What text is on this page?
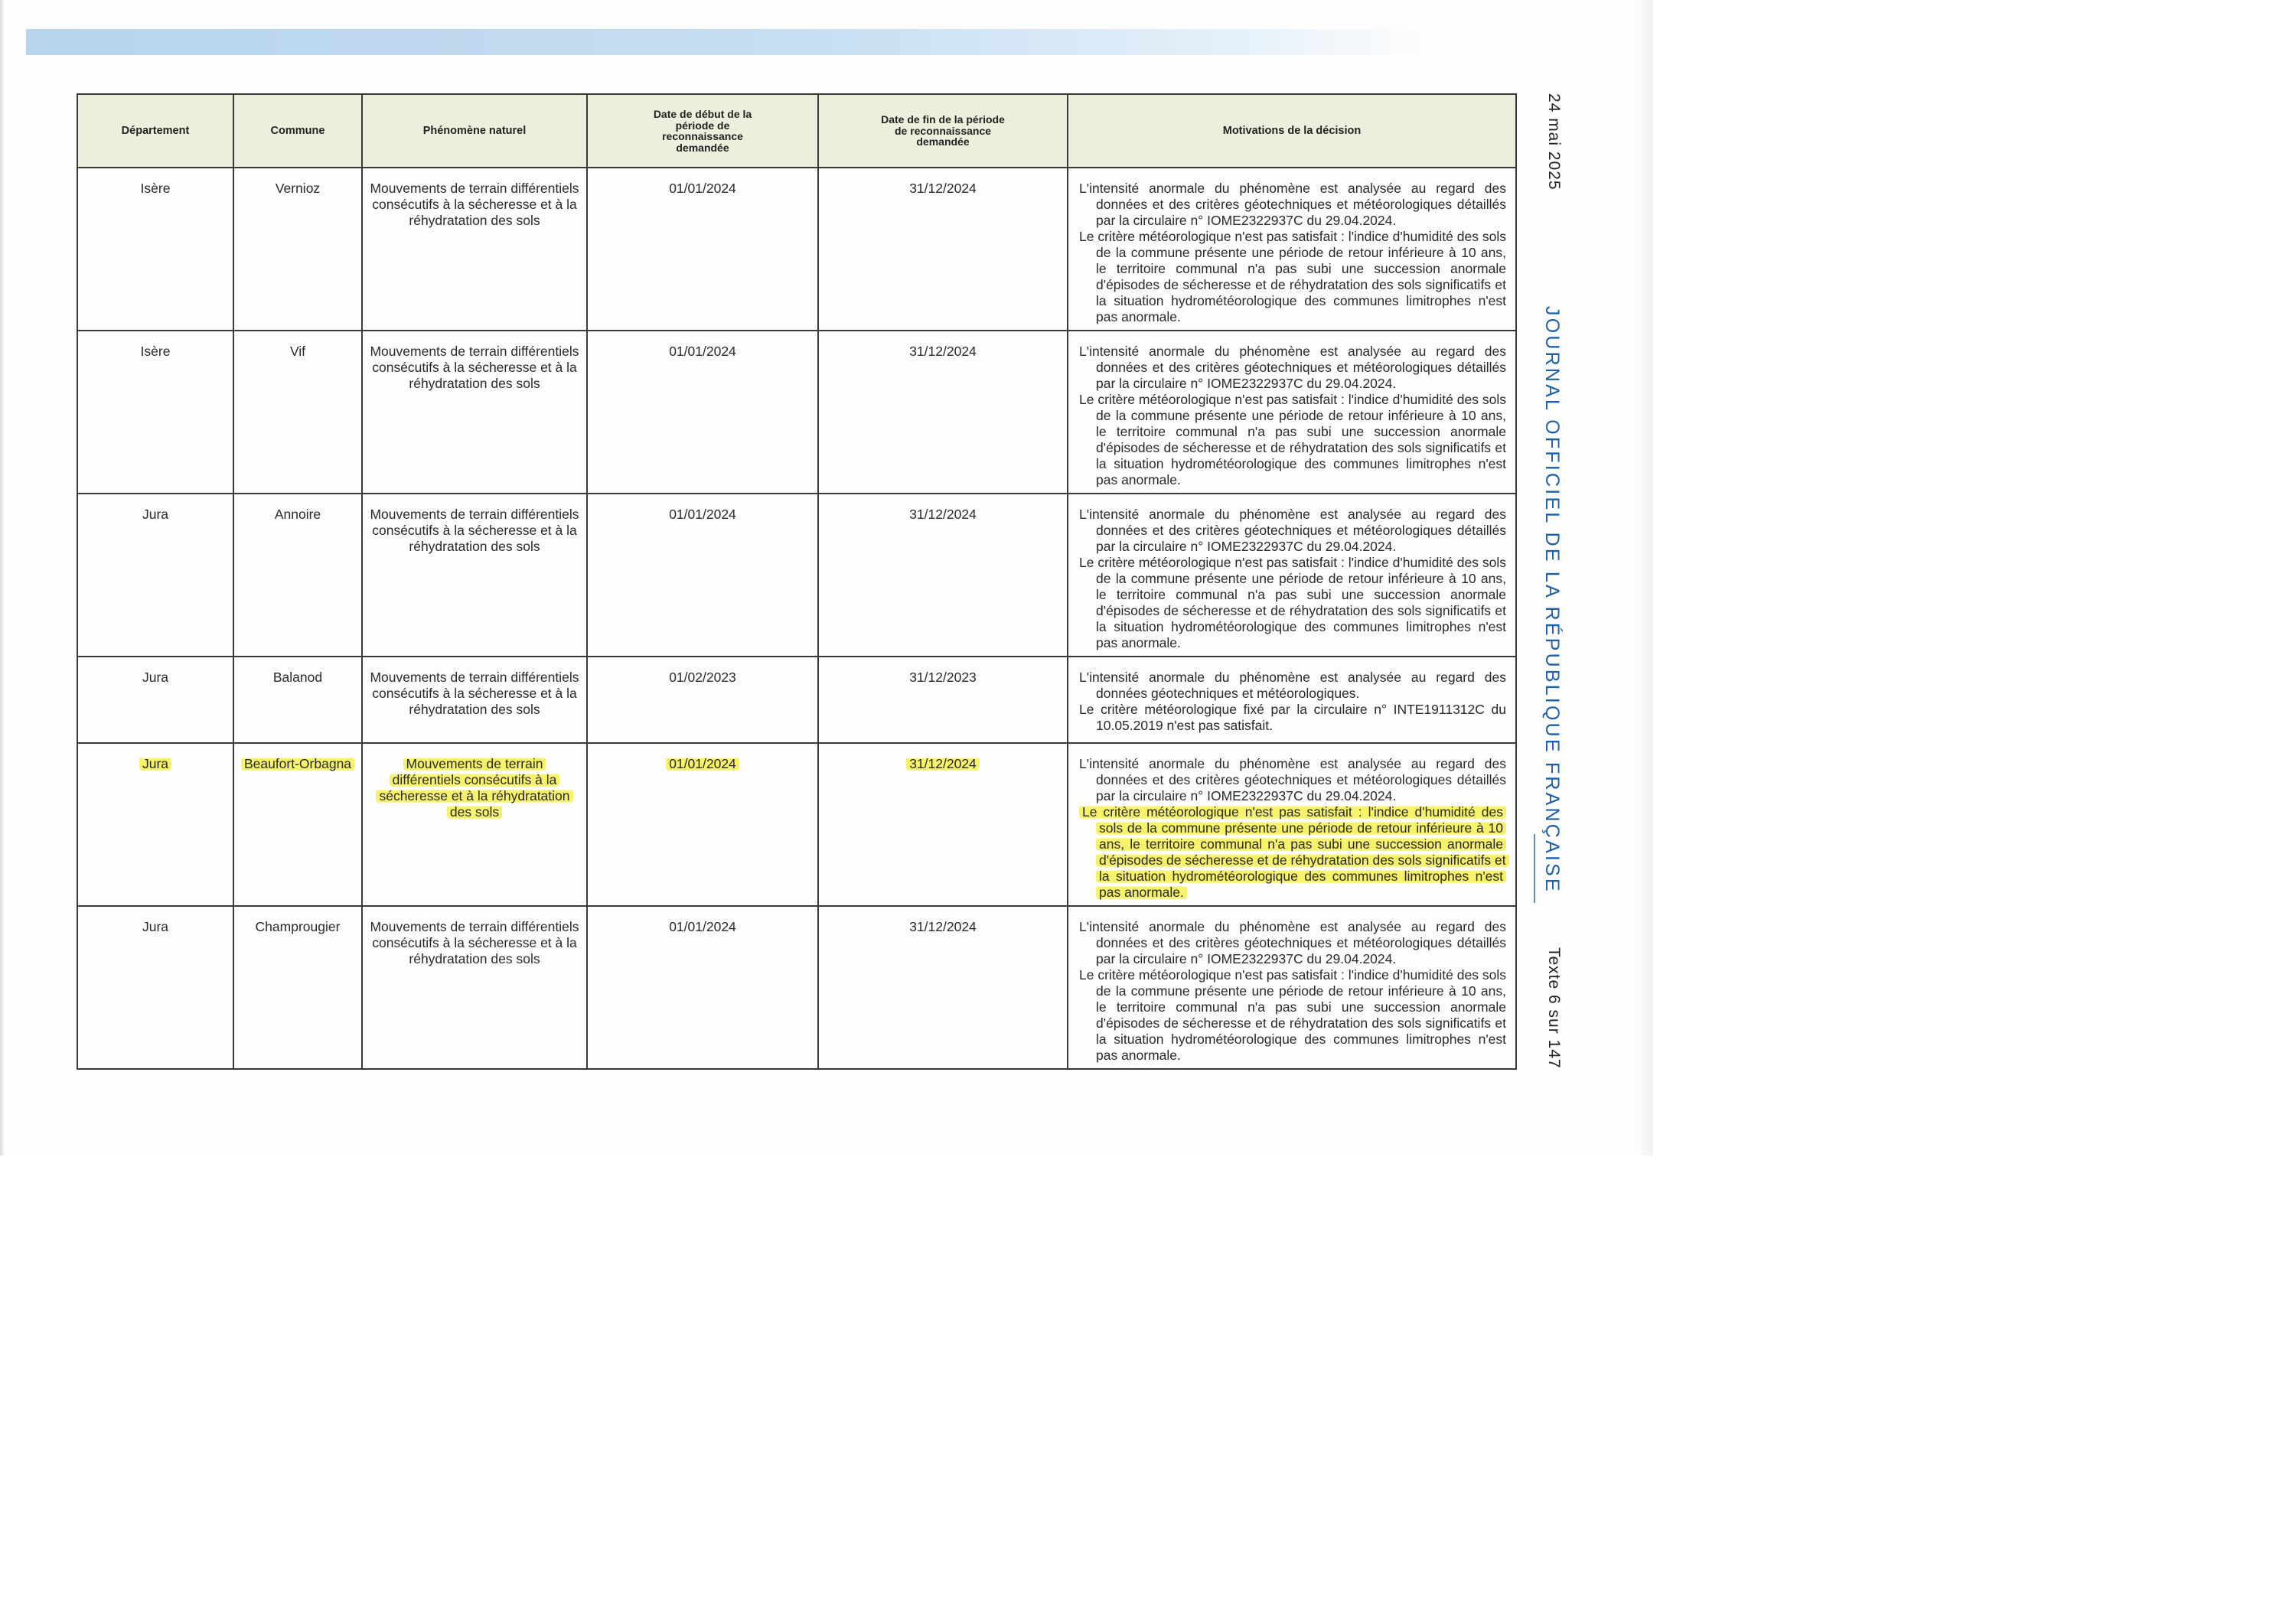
Département	Commune	Phénomène naturel	Date de début de la période de reconnaissance demandée	Date de fin de la période de reconnaissance demandée	Motivations de la décision
Isère	Vernioz	Mouvements de terrain différentiels consécutifs à la sécheresse et à la réhydratation des sols	01/01/2024	31/12/2024	L'intensité anormale du phénomène est analysée au regard des données et des critères géotechniques et météorologiques détaillés par la circulaire n° IOME2322937C du 29.04.2024.

Le critère météorologique n'est pas satisfait : l'indice d'humidité des sols de la commune présente une période de retour inférieure à 10 ans, le territoire communal n'a pas subi une succession anormale d'épisodes de sécheresse et de réhydratation des sols significatifs et la situation hydrométéorologique des communes limitrophes n'est pas anormale.

Isère	Vif	Mouvements de terrain différentiels consécutifs à la sécheresse et à la réhydratation des sols	01/01/2024	31/12/2024	L'intensité anormale du phénomène est analysée au regard des données et des critères géotechniques et météorologiques détaillés par la circulaire n° IOME2322937C du 29.04.2024.

Le critère météorologique n'est pas satisfait : l'indice d'humidité des sols de la commune présente une période de retour inférieure à 10 ans, le territoire communal n'a pas subi une succession anormale d'épisodes de sécheresse et de réhydratation des sols significatifs et la situation hydrométéorologique des communes limitrophes n'est pas anormale.

Jura	Annoire	Mouvements de terrain différentiels consécutifs à la sécheresse et à la réhydratation des sols	01/01/2024	31/12/2024	L'intensité anormale du phénomène est analysée au regard des données et des critères géotechniques et météorologiques détaillés par la circulaire n° IOME2322937C du 29.04.2024.

Le critère météorologique n'est pas satisfait : l'indice d'humidité des sols de la commune présente une période de retour inférieure à 10 ans, le territoire communal n'a pas subi une succession anormale d'épisodes de sécheresse et de réhydratation des sols significatifs et la situation hydrométéorologique des communes limitrophes n'est pas anormale.

Jura	Balanod	Mouvements de terrain différentiels consécutifs à la sécheresse et à la réhydratation des sols	01/02/2023	31/12/2023	L'intensité anormale du phénomène est analysée au regard des données géotechniques et météorologiques.

Le critère météorologique fixé par la circulaire n° INTE1911312C du 10.05.2019 n'est pas satisfait.

Jura	Beaufort-Orbagna	Mouvements de terrain différentiels consécutifs à la sécheresse et à la réhydratation des sols	01/01/2024	31/12/2024	L'intensité anormale du phénomène est analysée au regard des données et des critères géotechniques et météorologiques détaillés par la circulaire n° IOME2322937C du 29.04.2024.

Le critère météorologique n'est pas satisfait : l'indice d'humidité des sols de la commune présente une période de retour inférieure à 10 ans, le territoire communal n'a pas subi une succession anormale d'épisodes de sécheresse et de réhydratation des sols significatifs et la situation hydrométéorologique des communes limitrophes n'est pas anormale.

Jura	Champrougier	Mouvements de terrain différentiels consécutifs à la sécheresse et à la réhydratation des sols	01/01/2024	31/12/2024	L'intensité anormale du phénomène est analysée au regard des données et des critères géotechniques et météorologiques détaillés par la circulaire n° IOME2322937C du 29.04.2024.

Le critère météorologique n'est pas satisfait : l'indice d'humidité des sols de la commune présente une période de retour inférieure à 10 ans, le territoire communal n'a pas subi une succession anormale d'épisodes de sécheresse et de réhydratation des sols significatifs et la situation hydrométéorologique des communes limitrophes n'est pas anormale.

24 mai 2025
JOURNAL OFFICIEL DE LA RÉPUBLIQUE FRANÇAISE
Texte 6 sur 147
